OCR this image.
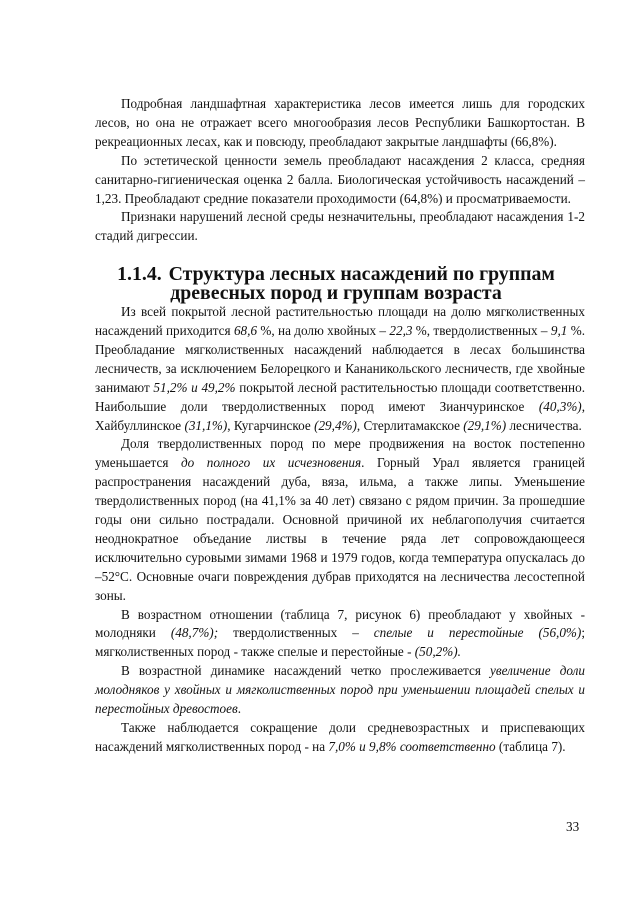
Подробная ландшафтная характеристика лесов имеется лишь для городских лесов, но она не отражает всего многообразия лесов Республики Башкортостан. В рекреационных лесах, как и повсюду, преобладают закрытые ландшафты (66,8%).

По эстетической ценности земель преобладают насаждения 2 класса, средняя санитарно-гигиеническая оценка 2 балла. Биологическая устойчивость насаждений – 1,23. Преобладают средние показатели проходимости (64,8%) и просматриваемости.

Признаки нарушений лесной среды незначительны, преобладают насаждения 1-2 стадий дигрессии.

1.1.4. Структура лесных насаждений по группам древесных пород и группам возраста

Из всей покрытой лесной растительностью площади на долю мягколиственных насаждений приходится 68,6 %, на долю хвойных – 22,3 %, твердолиственных – 9,1 %. Преобладание мягколиственных насаждений наблюдается в лесах большинства лесничеств, за исключением Белорецкого и Кананикольского лесничеств, где хвойные занимают 51,2% и 49,2% покрытой лесной растительностью площади соответственно. Наибольшие доли твердолиственных пород имеют Зианчуринское (40,3%), Хайбуллинское (31,1%), Кугарчинское (29,4%), Стерлитамакское (29,1%) лесничества.

Доля твердолиственных пород по мере продвижения на восток постепенно уменьшается до полного их исчезновения. Горный Урал является границей распространения насаждений дуба, вяза, ильма, а также липы. Уменьшение твердолиственных пород (на 41,1% за 40 лет) связано с рядом причин. За прошедшие годы они сильно пострадали. Основной причиной их неблагополучия считается неоднократное объедание листвы в течение ряда лет сопровождающееся исключительно суровыми зимами 1968 и 1979 годов, когда температура опускалась до –52°С. Основные очаги повреждения дубрав приходятся на лесничества лесостепной зоны.

В возрастном отношении (таблица 7, рисунок 6) преобладают у хвойных - молодняки (48,7%); твердолиственных – спелые и перестойные (56,0%); мягколиственных пород - также спелые и перестойные - (50,2%).

В возрастной динамике насаждений четко прослеживается увеличение доли молодняков у хвойных и мягколиственных пород при уменьшении площадей спелых и перестойных древостоев.

Также наблюдается сокращение доли средневозрастных и приспевающих насаждений мягколиственных пород - на 7,0% и 9,8% соответственно (таблица 7).

33
